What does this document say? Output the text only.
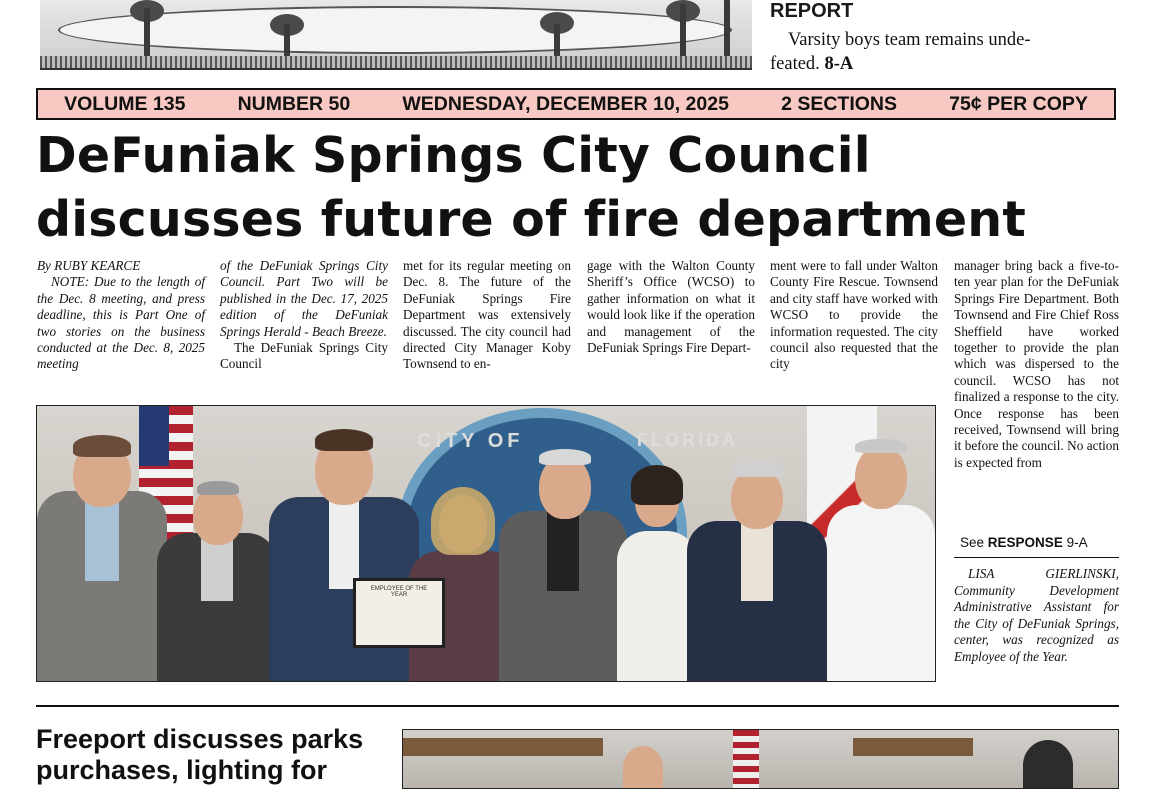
REPORT
Varsity boys team remains unde-
feated. 8-A
VOLUME 135	NUMBER 50	WEDNESDAY, DECEMBER 10, 2025	2 SECTIONS	75¢ PER COPY
DeFuniak Springs City Council
discusses future of fire department

By RUBY KEARCE

NOTE: Due to the length of the Dec. 8 meeting, and press deadline, this is Part One of two stories on the business conducted at the Dec. 8, 2025 meeting

of the DeFuniak Springs City Council. Part Two will be published in the Dec. 17, 2025 edition of the DeFuniak Springs Herald - Beach Breeze.

The DeFuniak Springs City Council

met for its regular meeting on Dec. 8. The future of the DeFuniak Springs Fire Department was extensively discussed. The city council had directed City Manager Koby Townsend to en-

gage with the Walton County Sheriff’s Office (WCSO) to gather information on what it would look like if the operation and management of the DeFuniak Springs Fire Depart-

ment were to fall under Walton County Fire Rescue. Townsend and city staff have worked with WCSO to provide the information requested. The city council also requested that the city

manager bring back a five-to-ten year plan for the DeFuniak Springs Fire Department. Both Townsend and Fire Chief Ross Sheffield have worked together to provide the plan which was dispersed to the council. WCSO has not finalized a response to the city. Once response has been received, Townsend will bring it before the council. No action is expected from

See RESPONSE 9-A
CITY OF	FLORIDA
EMPLOYEE OF THE YEAR
LISA GIERLINSKI, Community Development Administrative Assistant for the City of DeFuniak Springs, center, was recognized as Employee of the Year.
Freeport discusses parks purchases, lighting for
